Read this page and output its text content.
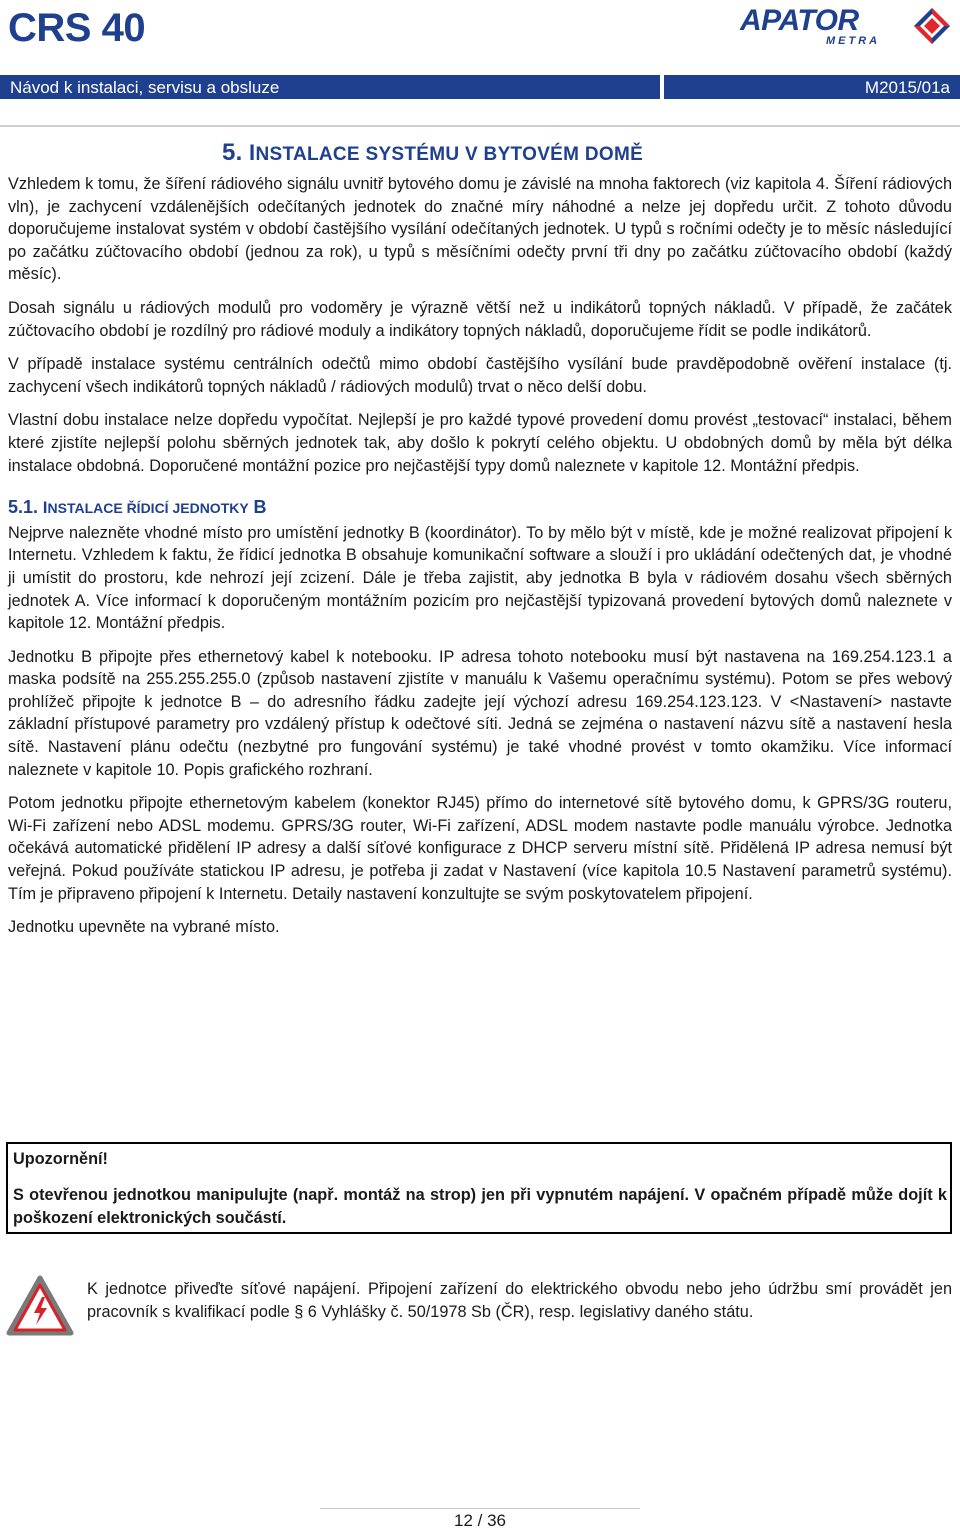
CRS 40	APATOR
METRA
Návod k instalaci, servisu a obsluze	M2015/01a
5. INSTALACE SYSTÉMU V BYTOVÉM DOMĚ

Vzhledem k tomu, že šíření rádiového signálu uvnitř bytového domu je závislé na mnoha faktorech (viz kapitola 4. Šíření rádiových vln), je zachycení vzdálenějších odečítaných jednotek do značné míry náhodné a nelze jej dopředu určit. Z tohoto důvodu doporučujeme instalovat systém v období častějšího vysílání odečítaných jednotek. U typů s ročními odečty je to měsíc následující po začátku zúčtovacího období (jednou za rok), u typů s měsíčními odečty první tři dny po začátku zúčtovacího období (každý měsíc).

Dosah signálu u rádiových modulů pro vodoměry je výrazně větší než u indikátorů topných nákladů. V případě, že začátek zúčtovacího období je rozdílný pro rádiové moduly a indikátory topných nákladů, doporučujeme řídit se podle indikátorů.

V případě instalace systému centrálních odečtů mimo období častějšího vysílání bude pravděpodobně ověření instalace (tj. zachycení všech indikátorů topných nákladů / rádiových modulů) trvat o něco delší dobu.

Vlastní dobu instalace nelze dopředu vypočítat. Nejlepší je pro každé typové provedení domu provést „testovací“ instalaci, během které zjistíte nejlepší polohu sběrných jednotek tak, aby došlo k pokrytí celého objektu. U obdobných domů by měla být délka instalace obdobná. Doporučené montážní pozice pro nejčastější typy domů naleznete v kapitole 12. Montážní předpis.

5.1. INSTALACE ŘÍDICÍ JEDNOTKY B

Nejprve nalezněte vhodné místo pro umístění jednotky B (koordinátor). To by mělo být v místě, kde je možné realizovat připojení k Internetu. Vzhledem k faktu, že řídicí jednotka B obsahuje komunikační software a slouží i pro ukládání odečtených dat, je vhodné ji umístit do prostoru, kde nehrozí její zcizení. Dále je třeba zajistit, aby jednotka B byla v rádiovém dosahu všech sběrných jednotek A. Více informací k doporučeným montážním pozicím pro nejčastější typizovaná provedení bytových domů naleznete v kapitole 12. Montážní předpis.

Jednotku B připojte přes ethernetový kabel k notebooku. IP adresa tohoto notebooku musí být nastavena na 169.254.123.1 a maska podsítě na 255.255.255.0 (způsob nastavení zjistíte v manuálu k Vašemu operačnímu systému). Potom se přes webový prohlížeč připojte k jednotce B – do adresního řádku zadejte její výchozí adresu 169.254.123.123. V <Nastavení> nastavte základní přístupové parametry pro vzdálený přístup k odečtové síti. Jedná se zejména o nastavení názvu sítě a nastavení hesla sítě. Nastavení plánu odečtu (nezbytné pro fungování systému) je také vhodné provést v tomto okamžiku. Více informací naleznete v kapitole 10. Popis grafického rozhraní.

Potom jednotku připojte ethernetovým kabelem (konektor RJ45) přímo do internetové sítě bytového domu, k GPRS/3G routeru, Wi-Fi zařízení nebo ADSL modemu. GPRS/3G router, Wi-Fi zařízení, ADSL modem nastavte podle manuálu výrobce. Jednotka očekává automatické přidělení IP adresy a další síťové konfigurace z DHCP serveru místní sítě. Přidělená IP adresa nemusí být veřejná. Pokud používáte statickou IP adresu, je potřeba ji zadat v Nastavení (více kapitola 10.5 Nastavení parametrů systému). Tím je připraveno připojení k Internetu. Detaily nastavení konzultujte se svým poskytovatelem připojení.

Jednotku upevněte na vybrané místo.

Upozornění!
S otevřenou jednotkou manipulujte (např. montáž na strop) jen při vypnutém napájení. V opačném případě může dojít k poškození elektronických součástí.
K jednotce přiveďte síťové napájení. Připojení zařízení do elektrického obvodu nebo jeho údržbu smí provádět jen pracovník s kvalifikací podle § 6 Vyhlášky č. 50/1978 Sb (ČR), resp. legislativy daného státu.
12 / 36
